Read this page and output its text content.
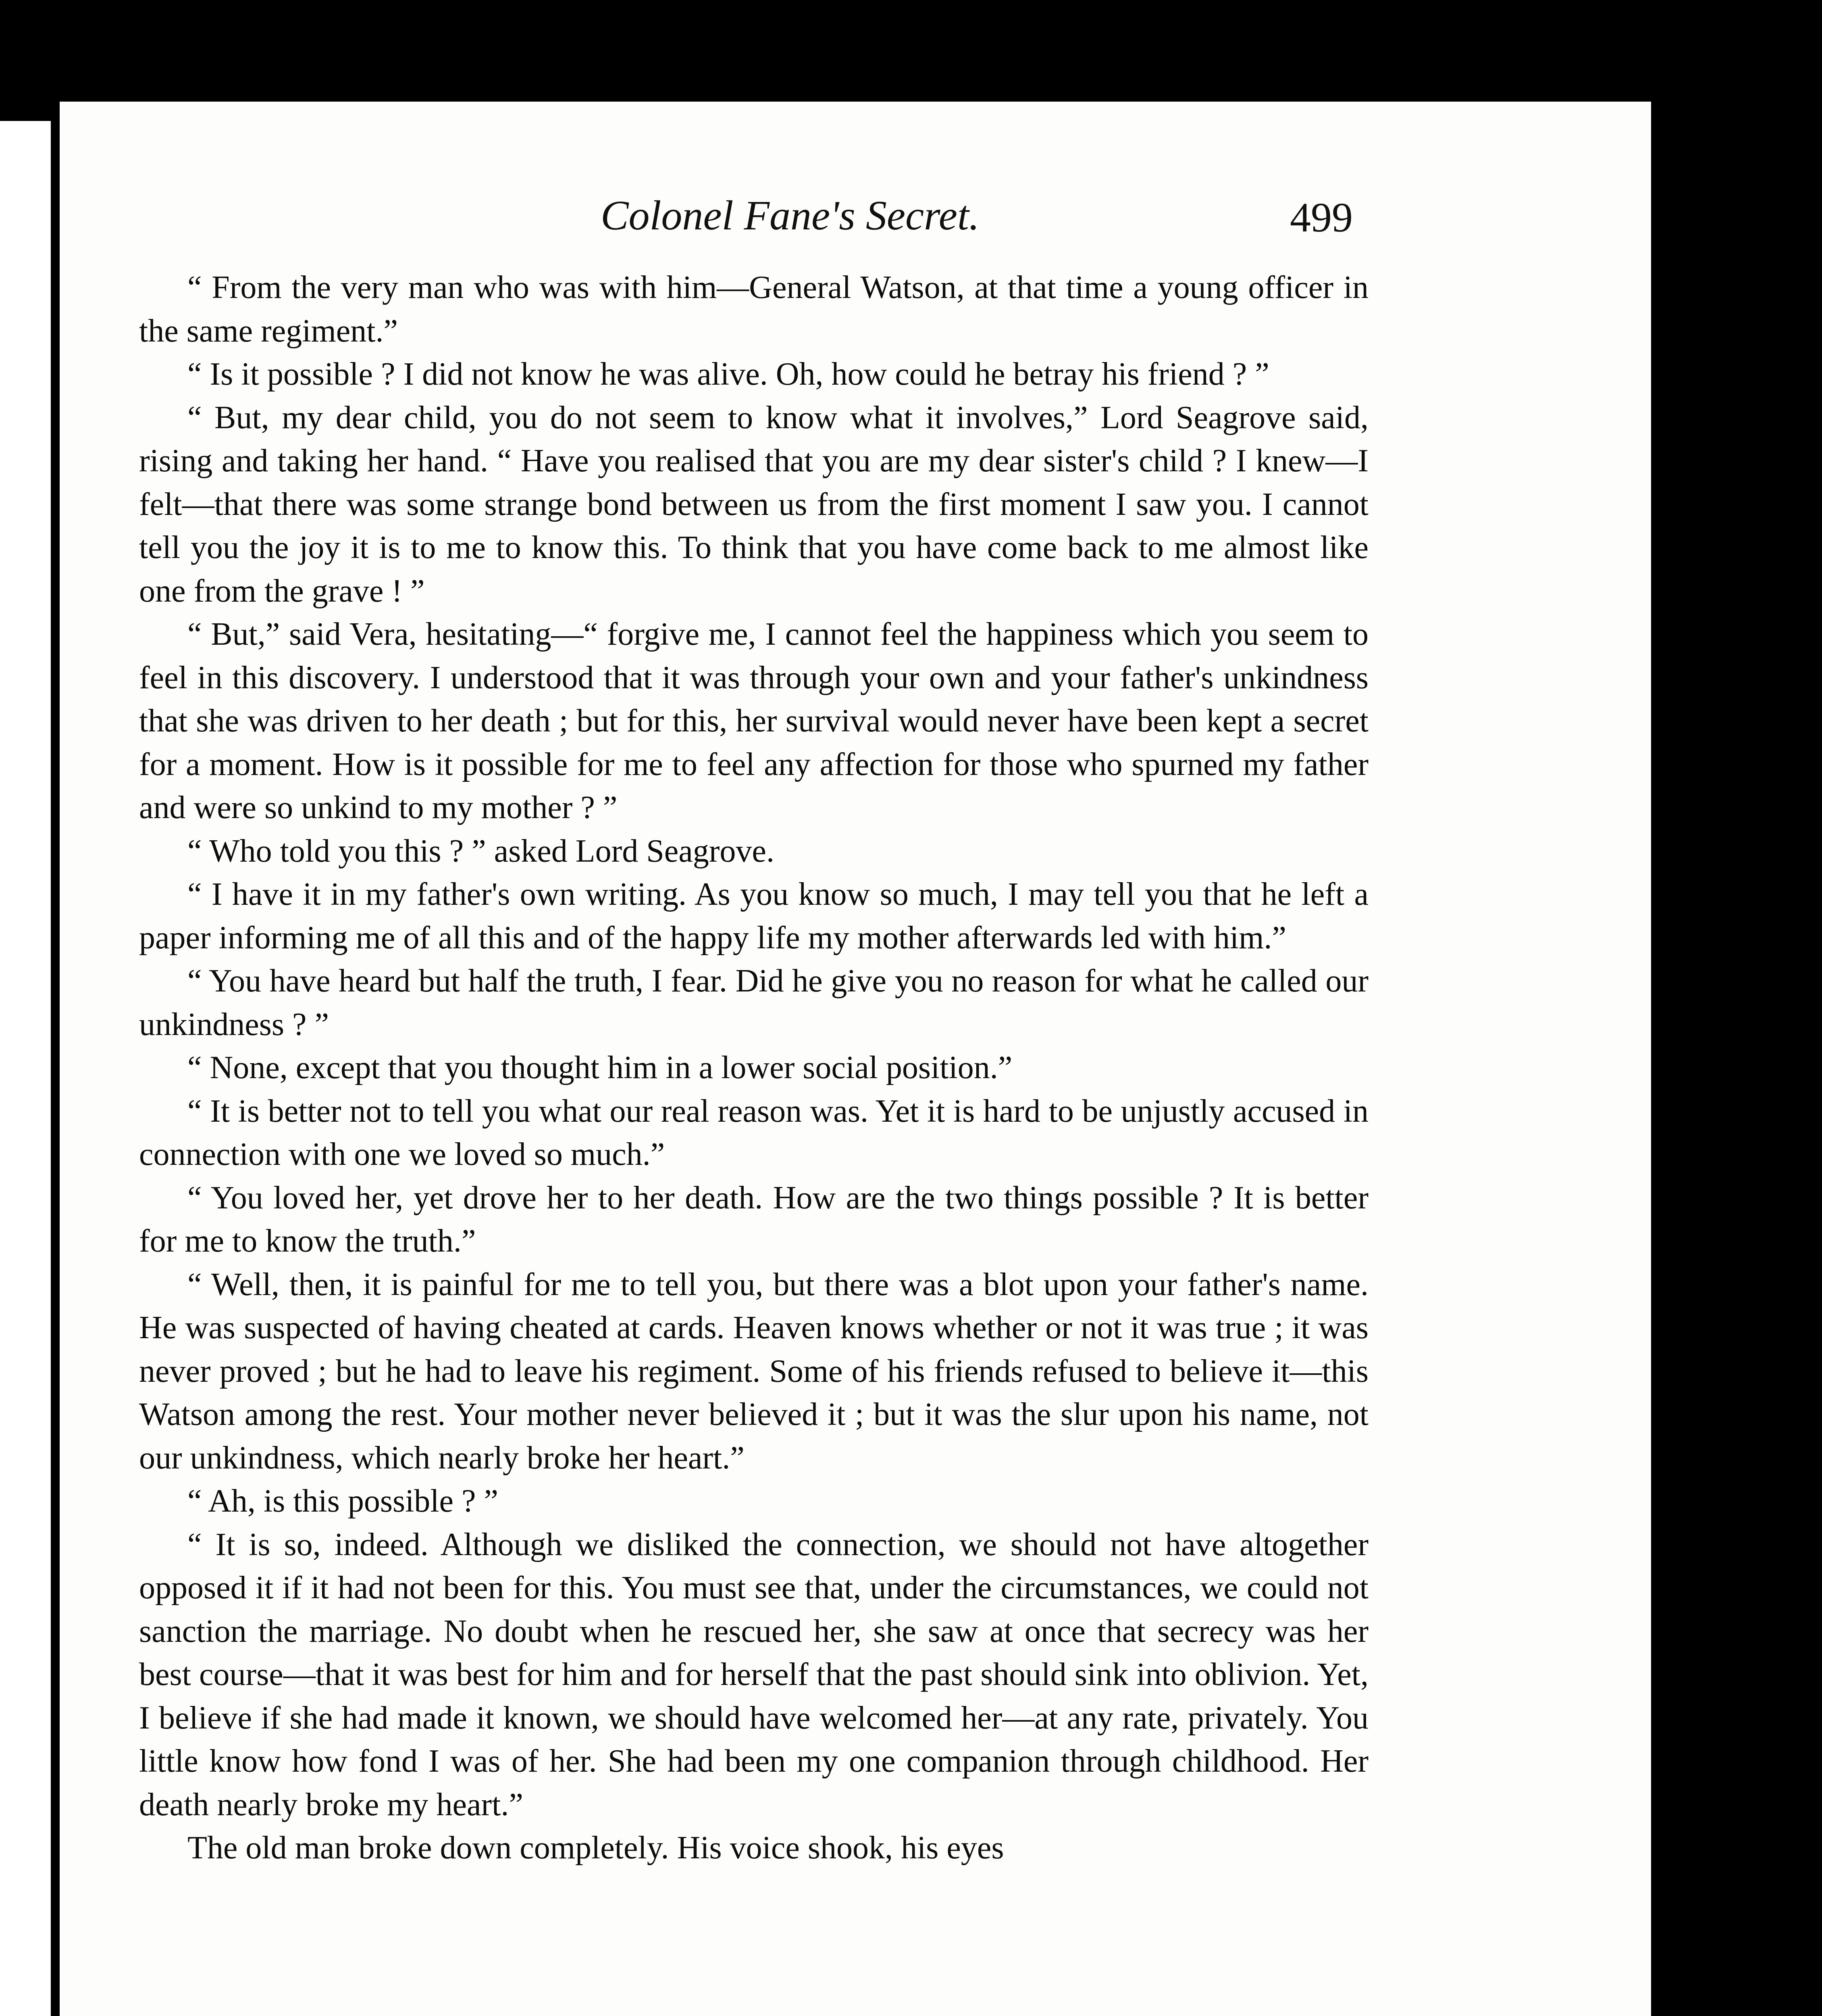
Colonel Fane's Secret.	499

“ From the very man who was with him—General Watson, at that time a young officer in the same regiment.”

“ Is it possible ? I did not know he was alive. Oh, how could he betray his friend ? ”

“ But, my dear child, you do not seem to know what it involves,” Lord Seagrove said, rising and taking her hand. “ Have you realised that you are my dear sister's child ? I knew—I felt—that there was some strange bond between us from the first moment I saw you. I cannot tell you the joy it is to me to know this. To think that you have come back to me almost like one from the grave ! ”

“ But,” said Vera, hesitating—“ forgive me, I cannot feel the happiness which you seem to feel in this discovery. I understood that it was through your own and your father's unkindness that she was driven to her death ; but for this, her survival would never have been kept a secret for a moment. How is it possible for me to feel any affection for those who spurned my father and were so unkind to my mother ? ”

“ Who told you this ? ” asked Lord Seagrove.

“ I have it in my father's own writing. As you know so much, I may tell you that he left a paper informing me of all this and of the happy life my mother afterwards led with him.”

“ You have heard but half the truth, I fear. Did he give you no reason for what he called our unkindness ? ”

“ None, except that you thought him in a lower social position.”

“ It is better not to tell you what our real reason was. Yet it is hard to be unjustly accused in connection with one we loved so much.”

“ You loved her, yet drove her to her death. How are the two things possible ? It is better for me to know the truth.”

“ Well, then, it is painful for me to tell you, but there was a blot upon your father's name. He was suspected of having cheated at cards. Heaven knows whether or not it was true ; it was never proved ; but he had to leave his regiment. Some of his friends refused to believe it—this Watson among the rest. Your mother never believed it ; but it was the slur upon his name, not our unkindness, which nearly broke her heart.”

“ Ah, is this possible ? ”

“ It is so, indeed. Although we disliked the connection, we should not have altogether opposed it if it had not been for this. You must see that, under the circumstances, we could not sanction the marriage. No doubt when he rescued her, she saw at once that secrecy was her best course—that it was best for him and for herself that the past should sink into oblivion. Yet, I believe if she had made it known, we should have welcomed her—at any rate, privately. You little know how fond I was of her. She had been my one companion through childhood. Her death nearly broke my heart.”

The old man broke down completely. His voice shook, his eyes
